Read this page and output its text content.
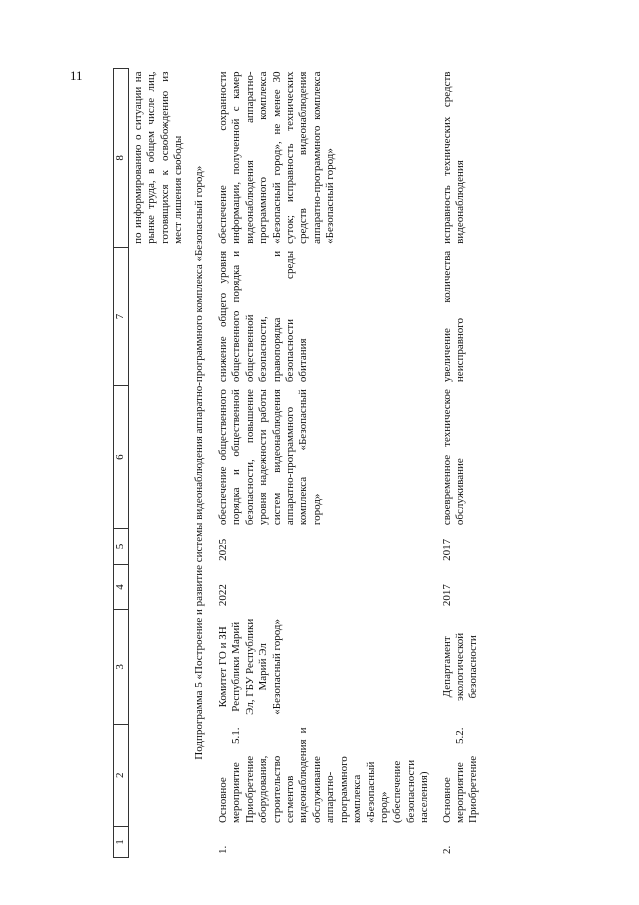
11
1	2	3	4	5	6	7	8
							по информированию о ситуации на рынке труда, в общем числе лиц, готовящихся к освобождению из мест лишения свободы
Подпрограмма 5 «Построение и развитие системы видеонаблюдения аппаратно-программного комплекса «Безопасный город»							
1.	Основное мероприятие 5.1. Приобретение оборудования, строительство сегментов видеонаблюдения и обслуживание аппаратно-программного комплекса «Безопасный город» (обеспечение безопасности населения)	Комитет ГО и ЗН Республики Марий Эл, ГБУ Республики Марий Эл «Безопасный город»	2022	2025	обеспечение общественного порядка и общественной безопасности, повышение уровня надежности работы систем видеонаблюдения аппаратно-программного комплекса «Безопасный город»	снижение общего уровня общественного порядка и общественной безопасности, правопорядка и безопасности среды обитания	обеспечение сохранности информации, полученной с камер видеонаблюдения аппаратно-программного комплекса «Безопасный город», не менее 30 суток; исправность технических средств видеонаблюдения аппаратно-программного комплекса «Безопасный город»
2.	Основное мероприятие 5.2. Приобретение	Департамент экологической безопасности	2017	2017	своевременное техническое обслуживание	увеличение количества неисправного	исправность технических средств видеонаблюдения
